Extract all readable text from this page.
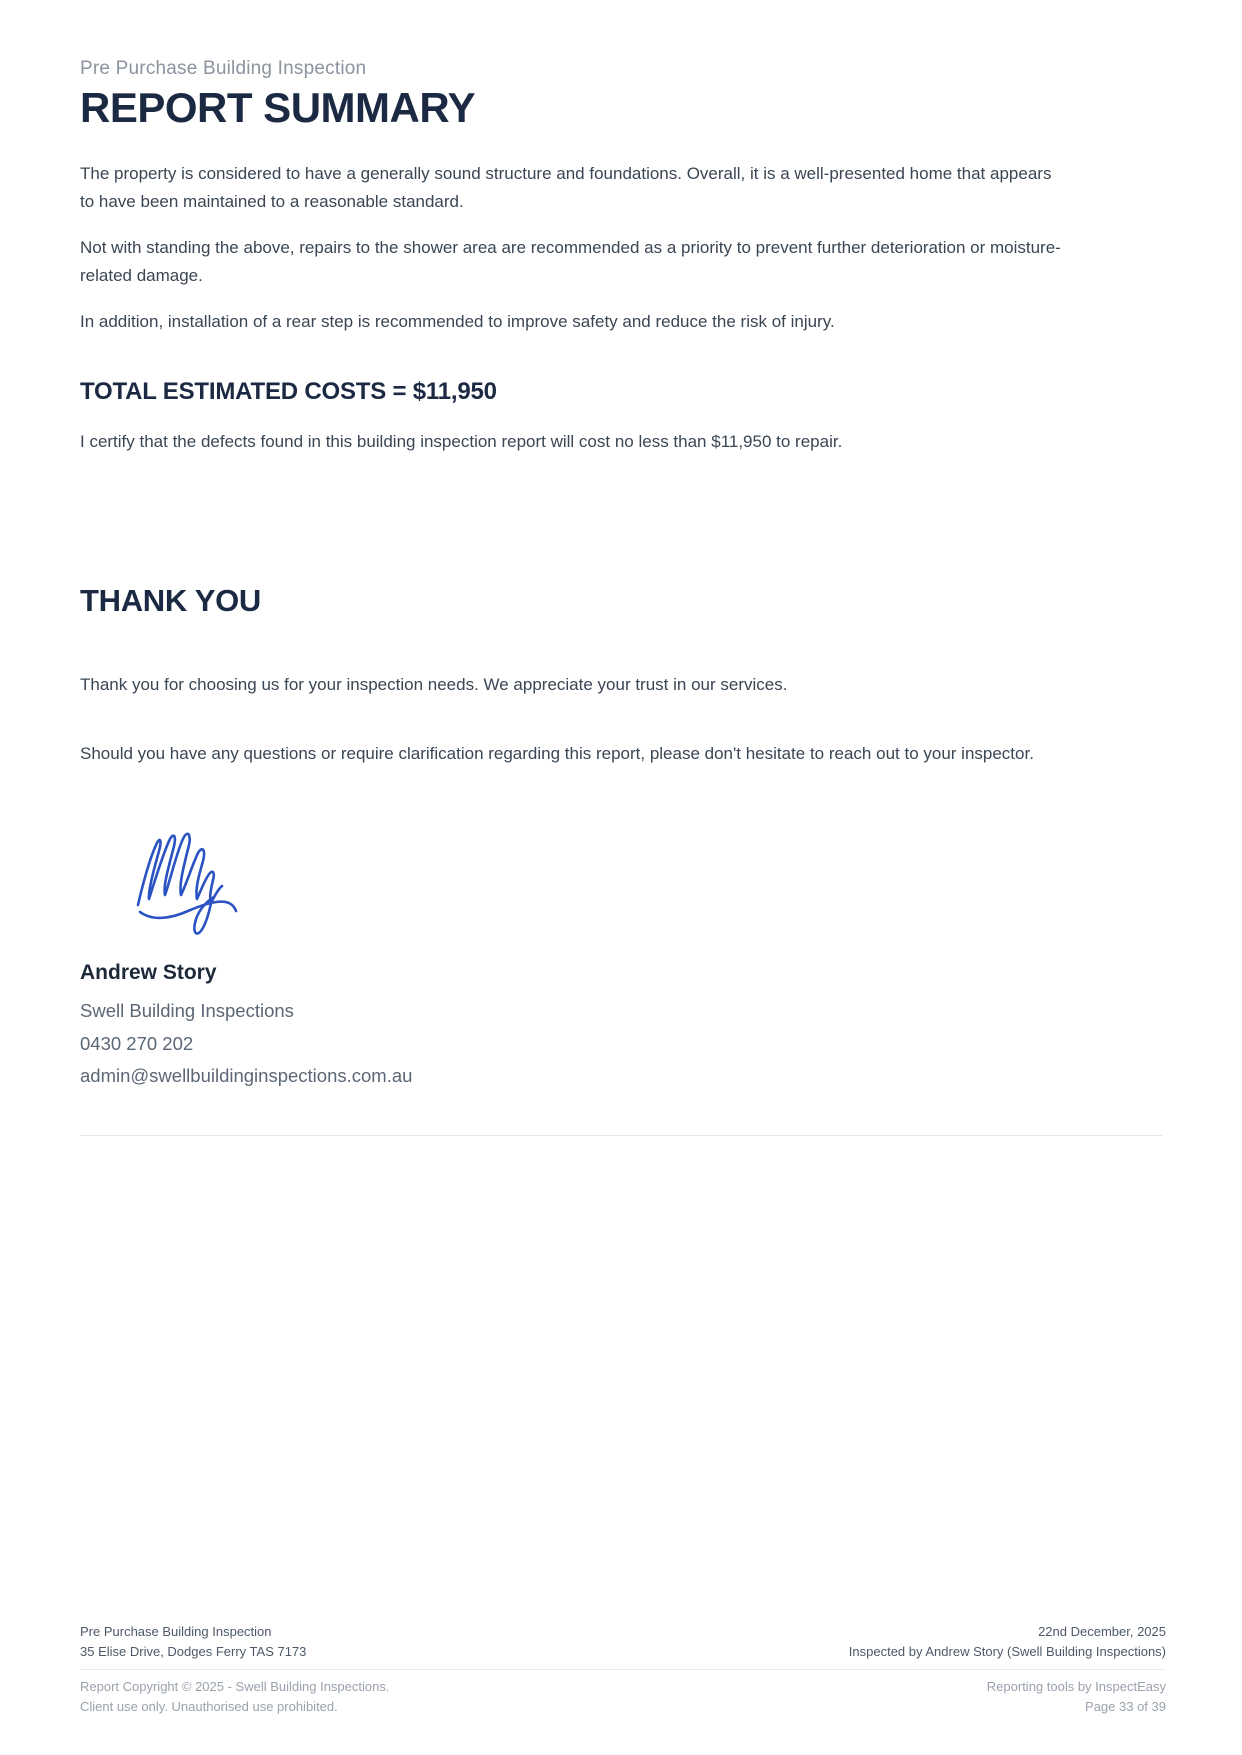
Pre Purchase Building Inspection
REPORT SUMMARY

The property is considered to have a generally sound structure and foundations. Overall, it is a well-presented home that appears to have been maintained to a reasonable standard.

Not with standing the above, repairs to the shower area are recommended as a priority to prevent further deterioration or moisture-related damage.

In addition, installation of a rear step is recommended to improve safety and reduce the risk of injury.

TOTAL ESTIMATED COSTS = $11,950

I certify that the defects found in this building inspection report will cost no less than $11,950 to repair.

THANK YOU

Thank you for choosing us for your inspection needs. We appreciate your trust in our services.

Should you have any questions or require clarification regarding this report, please don't hesitate to reach out to your inspector.

Andrew Story
Swell Building Inspections
0430 270 202
admin@swellbuildinginspections.com.au
Pre Purchase Building Inspection
35 Elise Drive, Dodges Ferry TAS 7173
22nd December, 2025
Inspected by Andrew Story (Swell Building Inspections)
Report Copyright © 2025 - Swell Building Inspections.
Client use only. Unauthorised use prohibited.
Reporting tools by InspectEasy
Page 33 of 39
